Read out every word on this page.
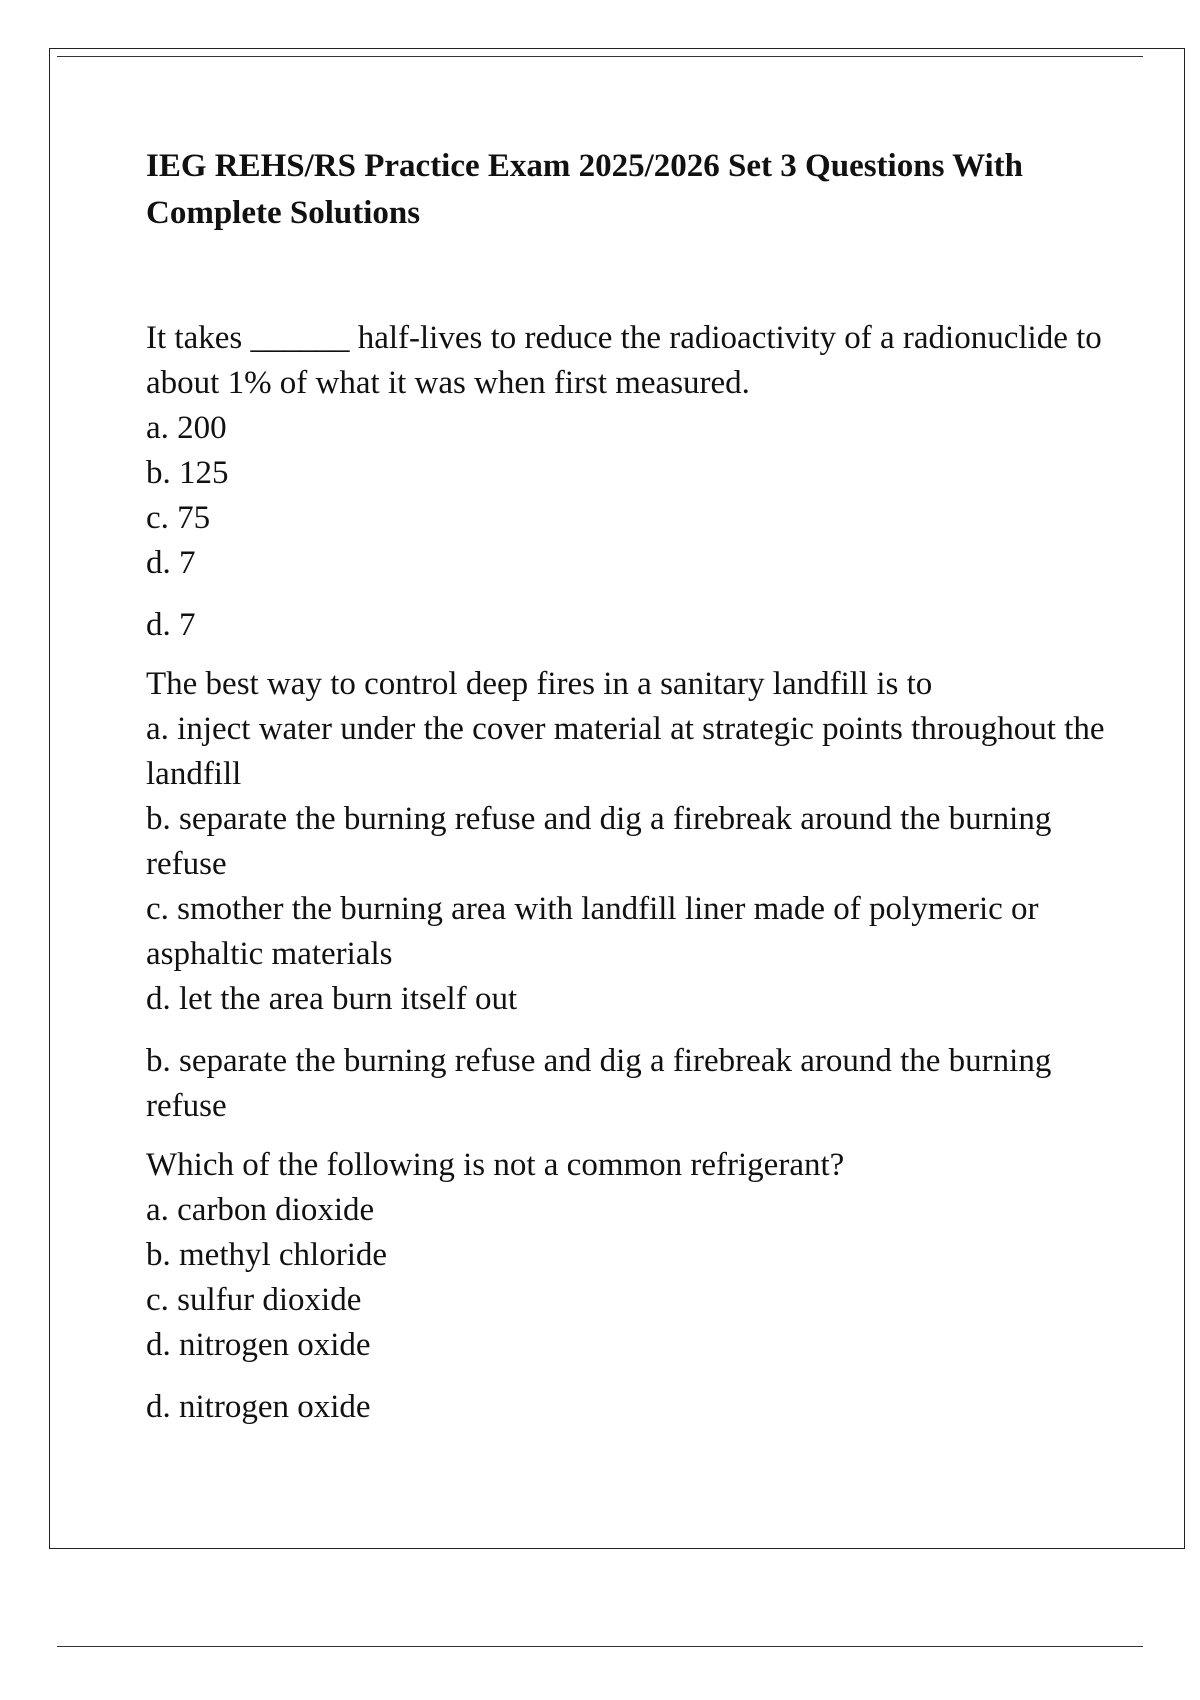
IEG REHS/RS Practice Exam 2025/2026 Set 3 Questions With Complete Solutions

It takes ______ half-lives to reduce the radioactivity of a radionuclide to about 1% of what it was when first measured.

a. 200

b. 125

c. 75

d. 7

d. 7

The best way to control deep fires in a sanitary landfill is to

a. inject water under the cover material at strategic points throughout the landfill

b. separate the burning refuse and dig a firebreak around the burning refuse

c. smother the burning area with landfill liner made of polymeric or asphaltic materials

d. let the area burn itself out

b. separate the burning refuse and dig a firebreak around the burning refuse

Which of the following is not a common refrigerant?

a. carbon dioxide

b. methyl chloride

c. sulfur dioxide

d. nitrogen oxide

d. nitrogen oxide
